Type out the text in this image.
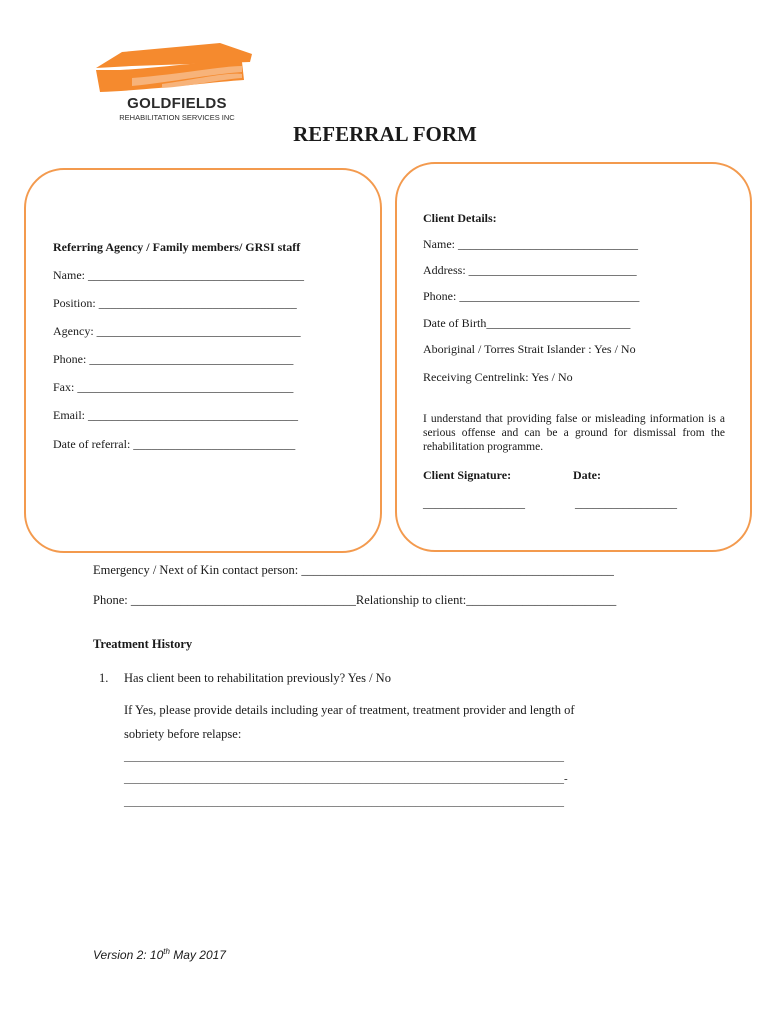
GOLDFIELDS
REHABILITATION SERVICES INC
REFERRAL FORM
Referring Agency / Family members/ GRSI staff
Name: ____________________________________
Position: _________________________________
Agency: __________________________________
Phone: __________________________________
Fax: ____________________________________
Email: ___________________________________
Date of referral: ___________________________
Client Details:
Name: ______________________________
Address: ____________________________
Phone: ______________________________
Date of Birth________________________
Aboriginal / Torres Strait Islander : Yes / No
Receiving Centrelink: Yes / No
I understand that providing false or misleading information is a serious offense and can be a ground for dismissal from the rehabilitation programme.
Client Signature:	Date:
_________________	_________________
Emergency / Next of Kin contact person: __________________________________________________
Phone: ____________________________________Relationship to client:________________________
Treatment History
1. Has client been to rehabilitation previously? Yes / No
If Yes, please provide details including year of treatment, treatment provider and length of
sobriety before relapse:
________________________________________________________________________________
________________________________________________________________________________-
________________________________________________________________________________
Version 2: 10th May 2017
